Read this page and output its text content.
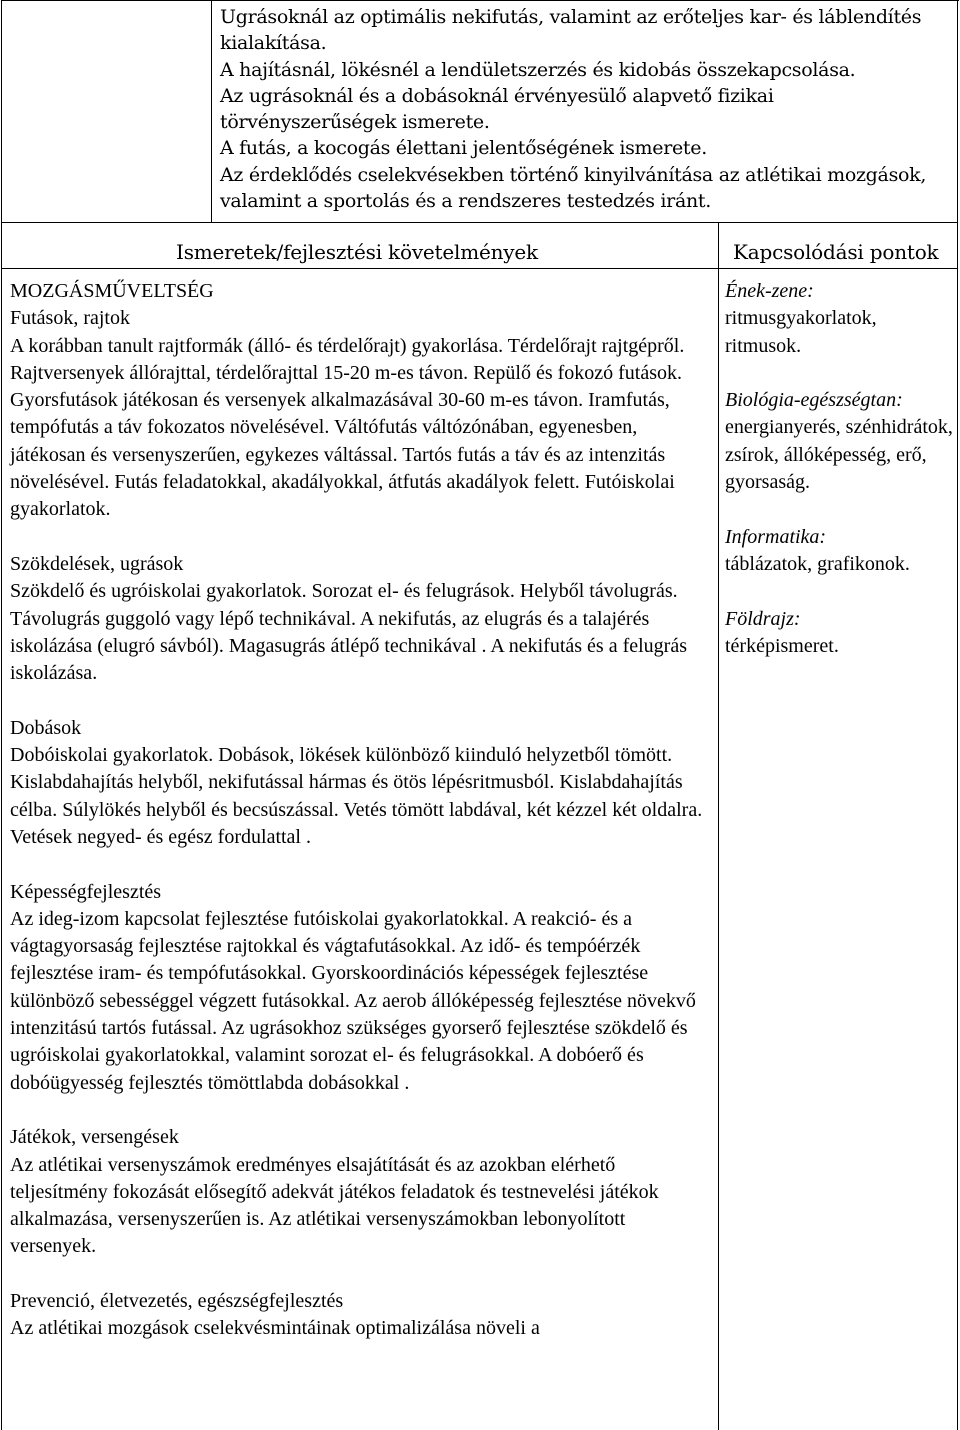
Ugrásoknál az optimális nekifutás, valamint az erőteljes kar- és láblendítés kialakítása.

A hajításnál, lökésnél a lendületszerzés és kidobás összekapcsolása.

Az ugrásoknál és a dobásoknál érvényesülő alapvető fizikai törvényszerűségek ismerete.

A futás, a kocogás élettani jelentőségének ismerete.

Az érdeklődés cselekvésekben történő kinyilvánítása az atlétikai mozgások, valamint a sportolás és a rendszeres testedzés iránt.

Ismeretek/fejlesztési követelmények	Kapcsolódási pontok

MOZGÁSMŰVELTSÉG

Futások, rajtok

A korábban tanult rajtformák (álló- és térdelőrajt) gyakorlása. Térdelőrajt rajtgépről. Rajtversenyek állórajttal, térdelőrajttal 15-20 m-es távon. Repülő és fokozó futások. Gyorsfutások játékosan és versenyek alkalmazásával 30-60 m-es távon. Iramfutás, tempófutás a táv fokozatos növelésével. Váltófutás váltózónában, egyenesben, játékosan és versenyszerűen, egykezes váltással. Tartós futás a táv és az intenzitás növelésével. Futás feladatokkal, akadályokkal, átfutás akadályok felett. Futóiskolai gyakorlatok.

Szökdelések, ugrások

Szökdelő és ugróiskolai gyakorlatok. Sorozat el- és felugrások. Helyből távolugrás. Távolugrás guggoló vagy lépő technikával. A nekifutás, az elugrás és a talajérés iskolázása (elugró sávból). Magasugrás átlépő technikával . A nekifutás és a felugrás iskolázása.

Dobások

Dobóiskolai gyakorlatok. Dobások, lökések különböző kiinduló helyzetből tömött. Kislabdahajítás helyből, nekifutással hármas és ötös lépésritmusból. Kislabdahajítás célba. Súlylökés helyből és becsúszással. Vetés tömött labdával, két kézzel két oldalra. Vetések negyed- és egész fordulattal .

Képességfejlesztés

Az ideg-izom kapcsolat fejlesztése futóiskolai gyakorlatokkal. A reakció- és a vágtagyorsaság fejlesztése rajtokkal és vágtafutásokkal. Az idő- és tempóérzék fejlesztése iram- és tempófutásokkal. Gyorskoordinációs képességek fejlesztése különböző sebességgel végzett futásokkal. Az aerob állóképesség fejlesztése növekvő intenzitású tartós futással. Az ugrásokhoz szükséges gyorserő fejlesztése szökdelő és ugróiskolai gyakorlatokkal, valamint sorozat el- és felugrásokkal. A dobóerő és dobóügyesség fejlesztés tömöttlabda dobásokkal .

Játékok, versengések

Az atlétikai versenyszámok eredményes elsajátítását és az azokban elérhető teljesítmény fokozását elősegítő adekvát játékos feladatok és testnevelési játékok alkalmazása, versenyszerűen is. Az atlétikai versenyszámokban lebonyolított versenyek.

Prevenció, életvezetés, egészségfejlesztés

Az atlétikai mozgások cselekvésmintáinak optimalizálása növeli a

Ének-zene:

ritmusgyakorlatok, ritmusok.

Biológia-egészségtan:

energianyerés, szénhidrátok, zsírok, állóképesség, erő, gyorsaság.

Informatika:

táblázatok, grafikonok.

Földrajz:

térképismeret.
